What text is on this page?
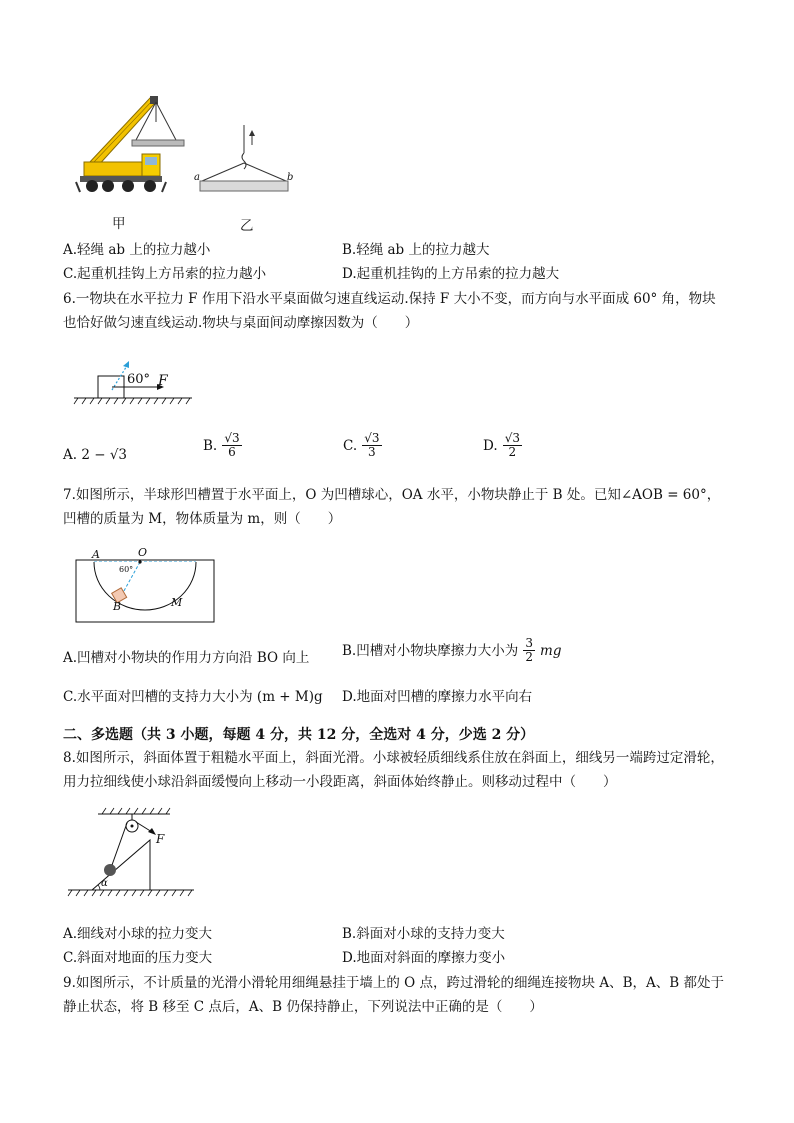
甲
a	b
乙
A.轻绳 ab 上的拉力越小	B.轻绳 ab 上的拉力越大
C.起重机挂钩上方吊索的拉力越小	D.起重机挂钩的上方吊索的拉力越大
6.一物块在水平拉力 F 作用下沿水平桌面做匀速直线运动.保持 F 大小不变，而方向与水平面成 60° 角，物块
也恰好做匀速直线运动.物块与桌面间动摩擦因数为（　　）
60° F
A. 2 − √3
B. $\frac{√3}{6}$	C. $\frac{√3}{3}$	D. $\frac{√3}{2}$
7.如图所示，半球形凹槽置于水平面上，O 为凹槽球心，OA 水平，小物块静止于 B 处。已知∠AOB = 60°，
凹槽的质量为 M，物体质量为 m，则（　　）
A	O
60°
B	M
A.凹槽对小物块的作用力方向沿 BO 向上 B.凹槽对小物块摩擦力大小为 $\frac{3}{2}$ mg
C.水平面对凹槽的支持力大小为 (m + M)g D.地面对凹槽的摩擦力水平向右
二、多选题（共 3 小题，每题 4 分，共 12 分，全选对 4 分，少选 2 分）
8.如图所示，斜面体置于粗糙水平面上，斜面光滑。小球被轻质细线系住放在斜面上，细线另一端跨过定滑轮，
用力拉细线使小球沿斜面缓慢向上移动一小段距离，斜面体始终静止。则移动过程中（　　）
F
α
A.细线对小球的拉力变大	B.斜面对小球的支持力变大
C.斜面对地面的压力变大	D.地面对斜面的摩擦力变小
9.如图所示，不计质量的光滑小滑轮用细绳悬挂于墙上的 O 点，跨过滑轮的细绳连接物块 A、B，A、B 都处于
静止状态，将 B 移至 C 点后，A、B 仍保持静止，下列说法中正确的是（　　）
